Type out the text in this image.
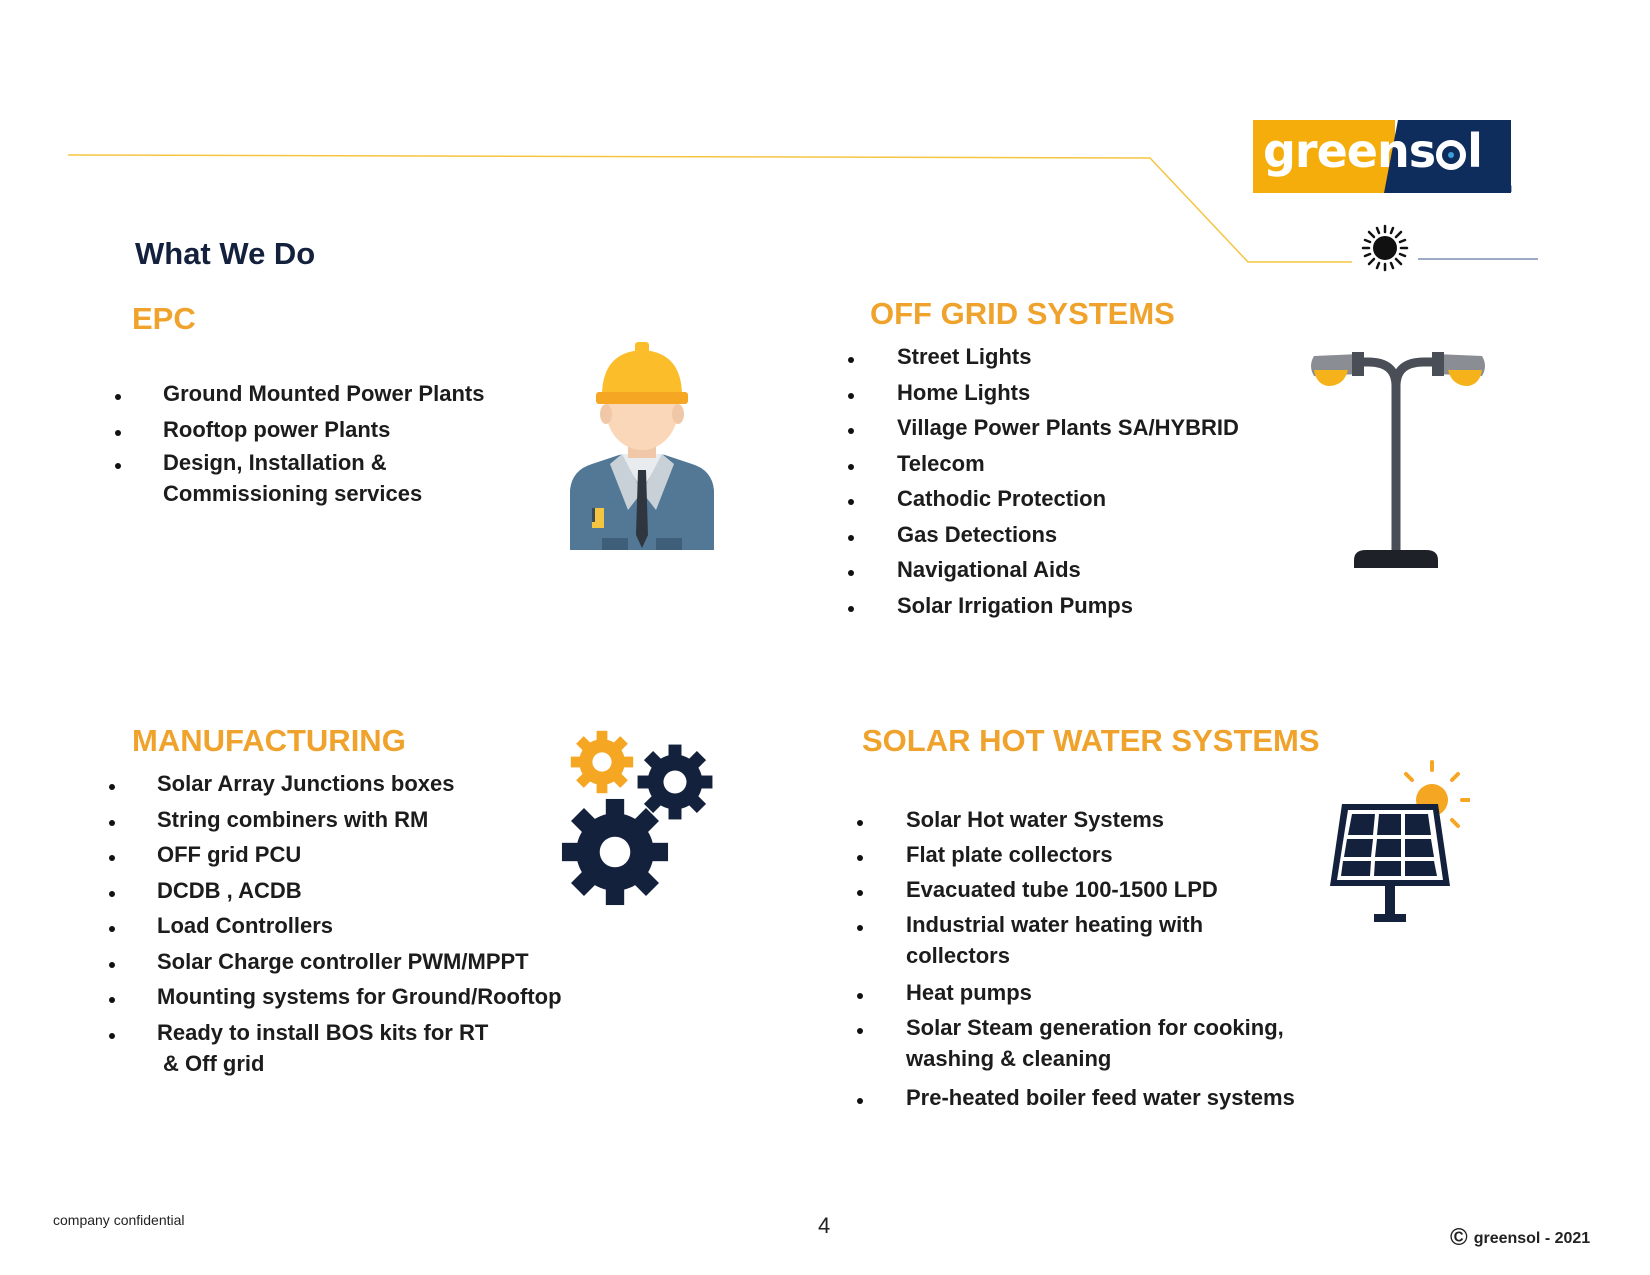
greens l
TM
What We Do
EPC
Ground Mounted Power Plants
Rooftop power Plants
Design, Installation &
Commissioning services
OFF GRID SYSTEMS
Street Lights
Home Lights
Village Power Plants SA/HYBRID
Telecom
Cathodic Protection
Gas Detections
Navigational Aids
Solar Irrigation Pumps
MANUFACTURING
Solar Array Junctions boxes
String combiners with RM
OFF grid PCU
DCDB , ACDB
Load Controllers
Solar Charge controller PWM/MPPT
Mounting systems for Ground/Rooftop
Ready to install BOS kits for RT
& Off grid
SOLAR HOT WATER SYSTEMS
Solar Hot water Systems
Flat plate collectors
Evacuated tube 100-1500 LPD
Industrial water heating with
collectors
Heat pumps
Solar Steam generation for cooking,
washing & cleaning
Pre-heated boiler feed water systems
company confidential	4	© greensol - 2021
